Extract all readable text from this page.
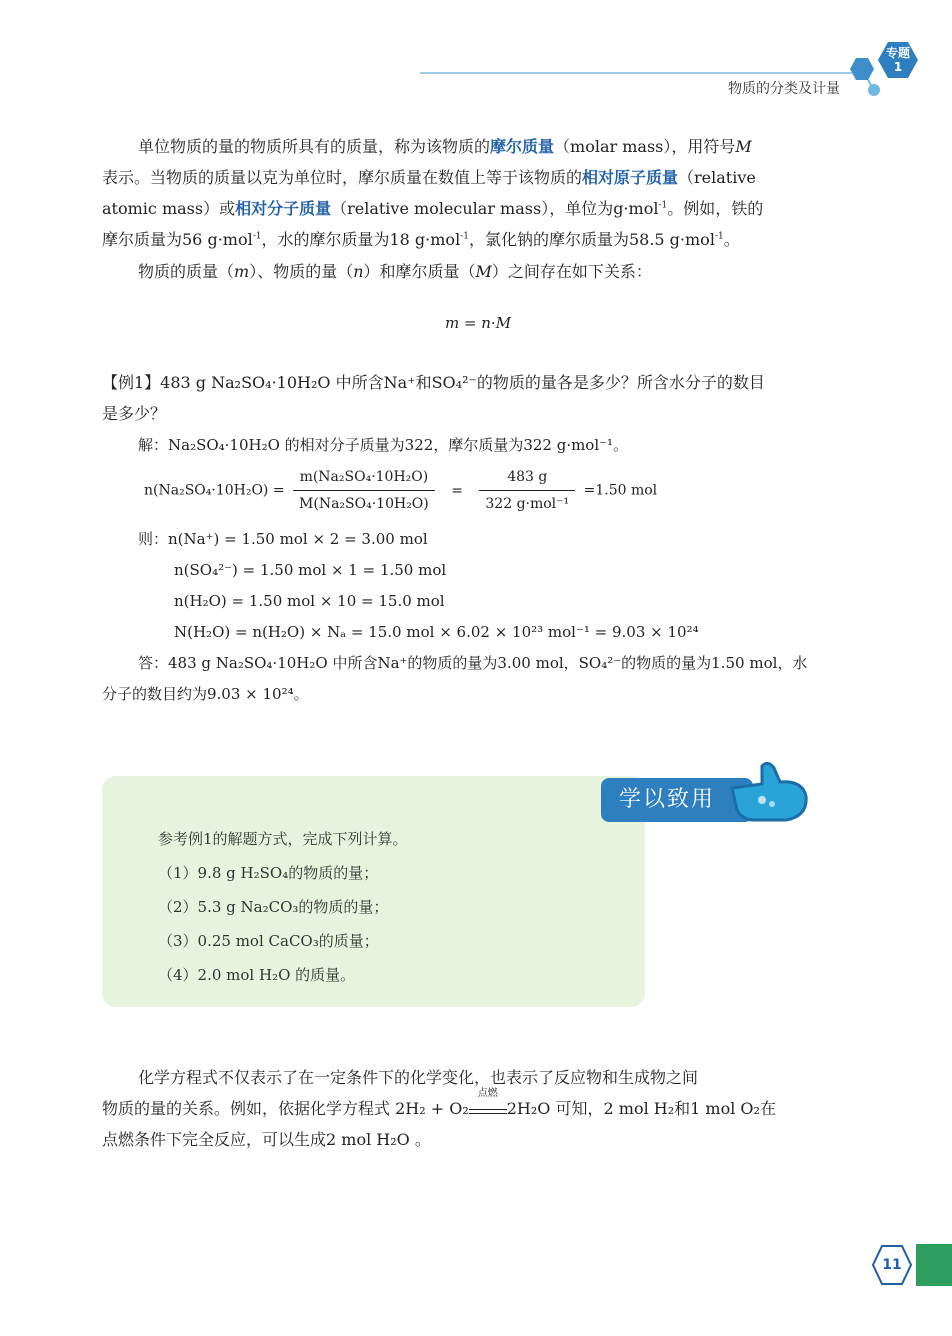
专题
1
物质的分类及计量
单位物质的量的物质所具有的质量，称为该物质的摩尔质量（molar mass），用符号M
表示。当物质的质量以克为单位时，摩尔质量在数值上等于该物质的相对原子质量（relative
atomic mass）或相对分子质量（relative molecular mass），单位为g·mol$^{-1}$。例如，铁的
摩尔质量为56 g·mol$^{-1}$，水的摩尔质量为18 g·mol$^{-1}$，氯化钠的摩尔质量为58.5 g·mol$^{-1}$。
物质的质量（m）、物质的量（n）和摩尔质量（M）之间存在如下关系：
m = n·M
【例1】483 g Na₂SO₄·10H₂O 中所含Na⁺和SO₄²⁻的物质的量各是多少？所含水分子的数目
是多少？
解：Na₂SO₄·10H₂O 的相对分子质量为322，摩尔质量为322 g·mol⁻¹。
$n(Na_2SO_4\cdot 10H_2O) = \frac{\text{m(Na₂SO₄·10H₂O)}}{\text{M(Na₂SO₄·10H₂O)}} = \frac{483 g}{\text{322 g·mol⁻¹}} =1.50$ mol
则：n(Na⁺) = 1.50 mol × 2 = 3.00 mol
n(SO₄²⁻) = 1.50 mol × 1 = 1.50 mol
n(H₂O) = 1.50 mol × 10 = 15.0 mol
N(H₂O) = n(H₂O) × Nₐ = 15.0 mol × 6.02 × 10²³ mol⁻¹ = 9.03 × 10²⁴
答：483 g Na₂SO₄·10H₂O 中所含Na⁺的物质的量为3.00 mol，SO₄²⁻的物质的量为1.50 mol，水
分子的数目约为9.03 × 10²⁴。
学以致用
参考例1的解题方式，完成下列计算。
（1）9.8 g H₂SO₄的物质的量；
（2）5.3 g Na₂CO₃的物质的量；
（3）0.25 mol CaCO₃的质量；
（4）2.0 mol H₂O 的质量。
化学方程式不仅表示了在一定条件下的化学变化，也表示了反应物和生成物之间
物质的量的关系。例如，依据化学方程式 2H₂ + O₂
点燃
2H₂O 可知，2 mol H₂和1 mol O₂在
点燃条件下完全反应，可以生成2 mol H₂O 。
11
